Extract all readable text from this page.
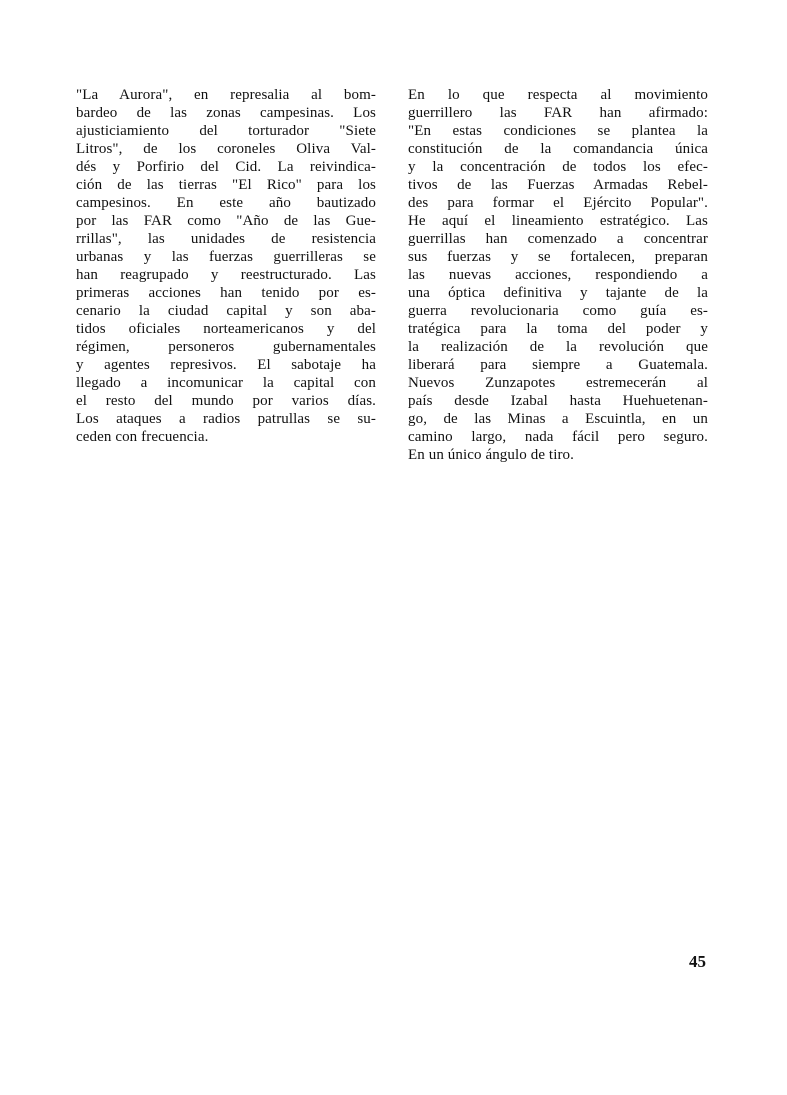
"La Aurora", en represalia al bom-
bardeo de las zonas campesinas. Los
ajusticiamiento del torturador "Siete
Litros", de los coroneles Oliva Val-
dés y Porfirio del Cid. La reivindica-
ción de las tierras "El Rico" para los
campesinos. En este año bautizado
por las FAR como "Año de las Gue-
rrillas", las unidades de resistencia
urbanas y las fuerzas guerrilleras se
han reagrupado y reestructurado. Las
primeras acciones han tenido por es-
cenario la ciudad capital y son aba-
tidos oficiales norteamericanos y del
régimen, personeros gubernamentales
y agentes represivos. El sabotaje ha
llegado a incomunicar la capital con
el resto del mundo por varios días.
Los ataques a radios patrullas se su-
ceden con frecuencia.
En lo que respecta al movimiento
guerrillero las FAR han afirmado:
"En estas condiciones se plantea la
constitución de la comandancia única
y la concentración de todos los efec-
tivos de las Fuerzas Armadas Rebel-
des para formar el Ejército Popular".
He aquí el lineamiento estratégico. Las
guerrillas han comenzado a concentrar
sus fuerzas y se fortalecen, preparan
las nuevas acciones, respondiendo a
una óptica definitiva y tajante de la
guerra revolucionaria como guía es-
tratégica para la toma del poder y
la realización de la revolución que
liberará para siempre a Guatemala.
Nuevos Zunzapotes estremecerán al
país desde Izabal hasta Huehuetenan-
go, de las Minas a Escuintla, en un
camino largo, nada fácil pero seguro.
En un único ángulo de tiro.
45
